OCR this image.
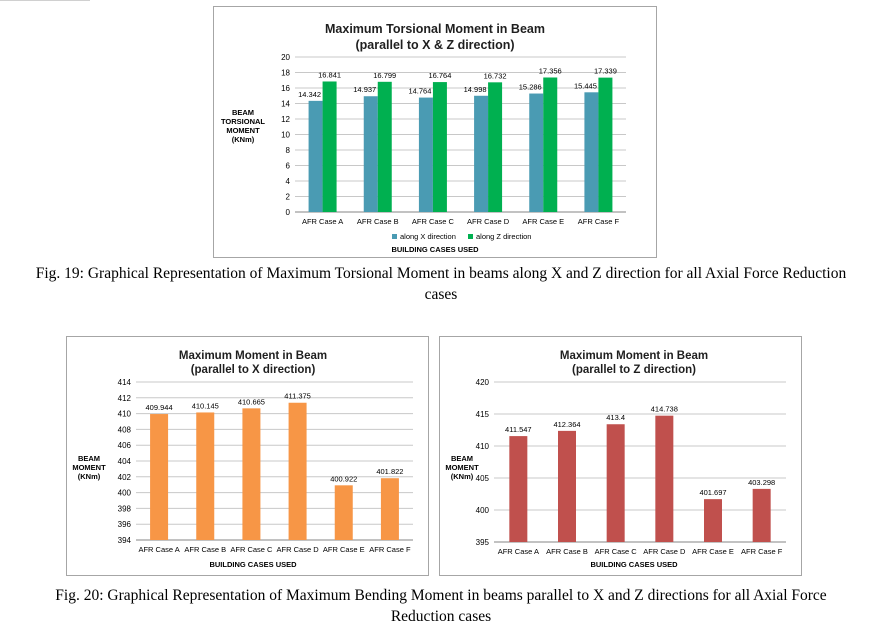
Maximum Torsional Moment in Beam
(parallel to X & Z direction)
0
2
4
6
8
10
12
14
16
18
20
BEAM
TORSIONAL
MOMENT
(KNm)
14.342
16.841
AFR Case A
14.937
16.799
AFR Case B
14.764
16.764
AFR Case C
14.998
16.732
AFR Case D
15.286
17.356
AFR Case E
15.445
17.339
AFR Case F
along X direction	along Z direction
BUILDING CASES USED
Fig. 19: Graphical Representation of Maximum Torsional Moment in beams along X and Z direction for all Axial Force Reduction
cases
Maximum Moment in Beam
(parallel to X direction)
394
396
398
400
402
404
406
408
410
412
414
BEAM
MOMENT
(KNm)
409.944
AFR Case A
410.145
AFR Case B
410.665
AFR Case C
411.375
AFR Case D
400.922
AFR Case E
401.822
AFR Case F
BUILDING CASES USED
Maximum Moment in Beam
(parallel to Z direction)
395
400
405
410
415
420
BEAM
MOMENT
(KNm)
411.547
AFR Case A
412.364
AFR Case B
413.4
AFR Case C
414.738
AFR Case D
401.697
AFR Case E
403.298
AFR Case F
BUILDING CASES USED
Fig. 20: Graphical Representation of Maximum Bending Moment in beams parallel to X and Z directions for all Axial Force
Reduction cases
